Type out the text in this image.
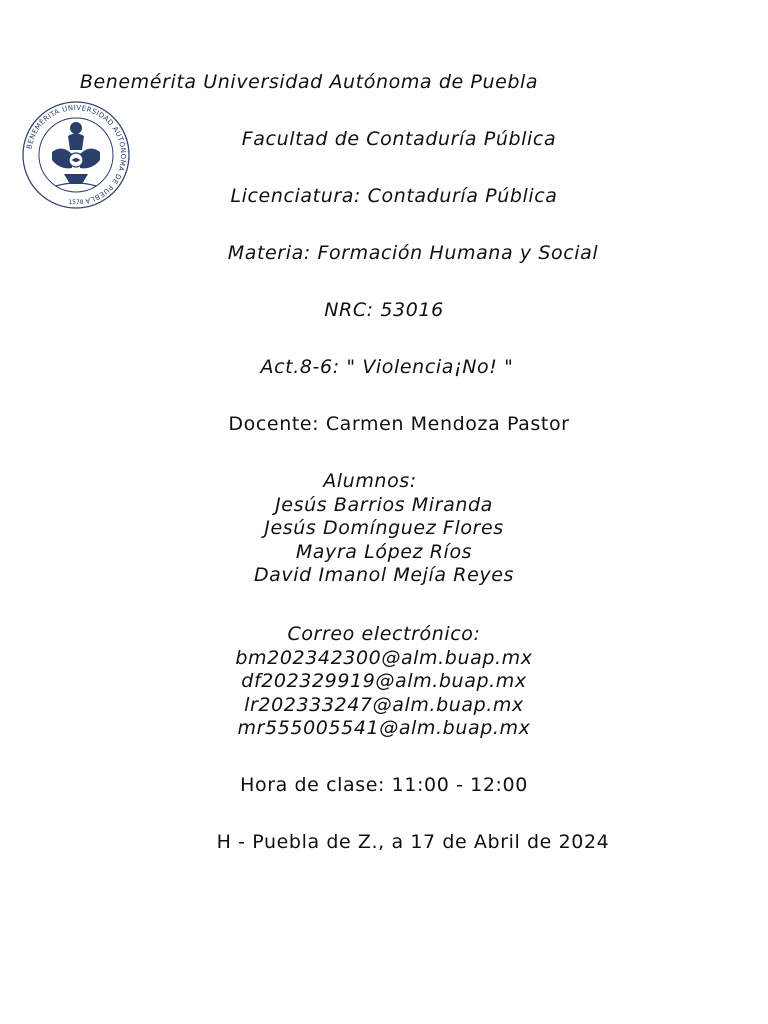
BENEMÉRITA UNIVERSIDAD AUTÓNOMA DE PUEBLA
1578
Benemérita Universidad Autónoma de Puebla
Facultad de Contaduría Pública
Licenciatura: Contaduría Pública
Materia: Formación Humana y Social
NRC: 53016
Act.8-6: " Violencia¡No! "
Docente: Carmen Mendoza Pastor
Alumnos:
Jesús Barrios Miranda
Jesús Domínguez Flores
Mayra López Ríos
David Imanol Mejía Reyes
Correo electrónico:
bm202342300@alm.buap.mx
df202329919@alm.buap.mx
lr202333247@alm.buap.mx
mr555005541@alm.buap.mx
Hora de clase: 11:00 - 12:00
H - Puebla de Z., a 17 de Abril de 2024
